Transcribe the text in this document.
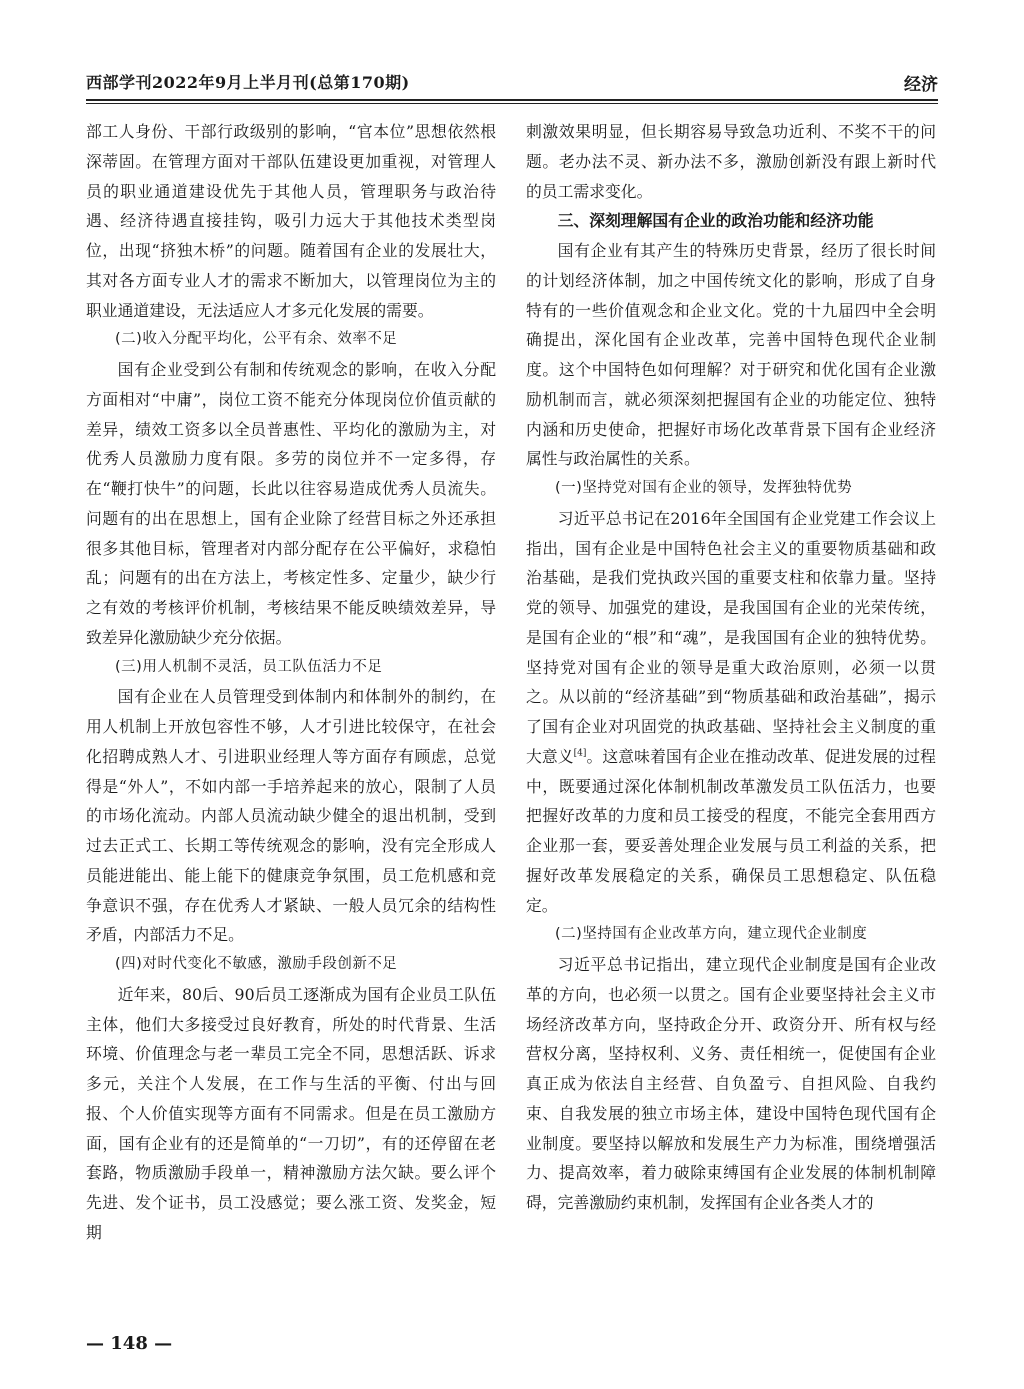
西部学刊2022年9月上半月刊(总第170期)	经济

部工人身份、干部行政级别的影响，“官本位”思想依然根深蒂固。在管理方面对干部队伍建设更加重视，对管理人员的职业通道建设优先于其他人员，管理职务与政治待遇、经济待遇直接挂钩，吸引力远大于其他技术类型岗位，出现“挤独木桥”的问题。随着国有企业的发展壮大，其对各方面专业人才的需求不断加大，以管理岗位为主的职业通道建设，无法适应人才多元化发展的需要。

(二)收入分配平均化，公平有余、效率不足

国有企业受到公有制和传统观念的影响，在收入分配方面相对“中庸”，岗位工资不能充分体现岗位价值贡献的差异，绩效工资多以全员普惠性、平均化的激励为主，对优秀人员激励力度有限。多劳的岗位并不一定多得，存在“鞭打快牛”的问题，长此以往容易造成优秀人员流失。问题有的出在思想上，国有企业除了经营目标之外还承担很多其他目标，管理者对内部分配存在公平偏好，求稳怕乱；问题有的出在方法上，考核定性多、定量少，缺少行之有效的考核评价机制，考核结果不能反映绩效差异，导致差异化激励缺少充分依据。

(三)用人机制不灵活，员工队伍活力不足

国有企业在人员管理受到体制内和体制外的制约，在用人机制上开放包容性不够，人才引进比较保守，在社会化招聘成熟人才、引进职业经理人等方面存有顾虑，总觉得是“外人”，不如内部一手培养起来的放心，限制了人员的市场化流动。内部人员流动缺少健全的退出机制，受到过去正式工、长期工等传统观念的影响，没有完全形成人员能进能出、能上能下的健康竞争氛围，员工危机感和竞争意识不强，存在优秀人才紧缺、一般人员冗余的结构性矛盾，内部活力不足。

(四)对时代变化不敏感，激励手段创新不足

近年来，80后、90后员工逐渐成为国有企业员工队伍主体，他们大多接受过良好教育，所处的时代背景、生活环境、价值理念与老一辈员工完全不同，思想活跃、诉求多元，关注个人发展，在工作与生活的平衡、付出与回报、个人价值实现等方面有不同需求。但是在员工激励方面，国有企业有的还是简单的“一刀切”，有的还停留在老套路，物质激励手段单一，精神激励方法欠缺。要么评个先进、发个证书，员工没感觉；要么涨工资、发奖金，短期

刺激效果明显，但长期容易导致急功近利、不奖不干的问题。老办法不灵、新办法不多，激励创新没有跟上新时代的员工需求变化。

三、深刻理解国有企业的政治功能和经济功能

国有企业有其产生的特殊历史背景，经历了很长时间的计划经济体制，加之中国传统文化的影响，形成了自身特有的一些价值观念和企业文化。党的十九届四中全会明确提出，深化国有企业改革，完善中国特色现代企业制度。这个中国特色如何理解？对于研究和优化国有企业激励机制而言，就必须深刻把握国有企业的功能定位、独特内涵和历史使命，把握好市场化改革背景下国有企业经济属性与政治属性的关系。

(一)坚持党对国有企业的领导，发挥独特优势

习近平总书记在2016年全国国有企业党建工作会议上指出，国有企业是中国特色社会主义的重要物质基础和政治基础，是我们党执政兴国的重要支柱和依靠力量。坚持党的领导、加强党的建设，是我国国有企业的光荣传统，是国有企业的“根”和“魂”，是我国国有企业的独特优势。坚持党对国有企业的领导是重大政治原则，必须一以贯之。从以前的“经济基础”到“物质基础和政治基础”，揭示了国有企业对巩固党的执政基础、坚持社会主义制度的重大意义[4]。这意味着国有企业在推动改革、促进发展的过程中，既要通过深化体制机制改革激发员工队伍活力，也要把握好改革的力度和员工接受的程度，不能完全套用西方企业那一套，要妥善处理企业发展与员工利益的关系，把握好改革发展稳定的关系，确保员工思想稳定、队伍稳定。

(二)坚持国有企业改革方向，建立现代企业制度

习近平总书记指出，建立现代企业制度是国有企业改革的方向，也必须一以贯之。国有企业要坚持社会主义市场经济改革方向，坚持政企分开、政资分开、所有权与经营权分离，坚持权利、义务、责任相统一，促使国有企业真正成为依法自主经营、自负盈亏、自担风险、自我约束、自我发展的独立市场主体，建设中国特色现代国有企业制度。要坚持以解放和发展生产力为标准，围绕增强活力、提高效率，着力破除束缚国有企业发展的体制机制障碍，完善激励约束机制，发挥国有企业各类人才的

— 148 —
